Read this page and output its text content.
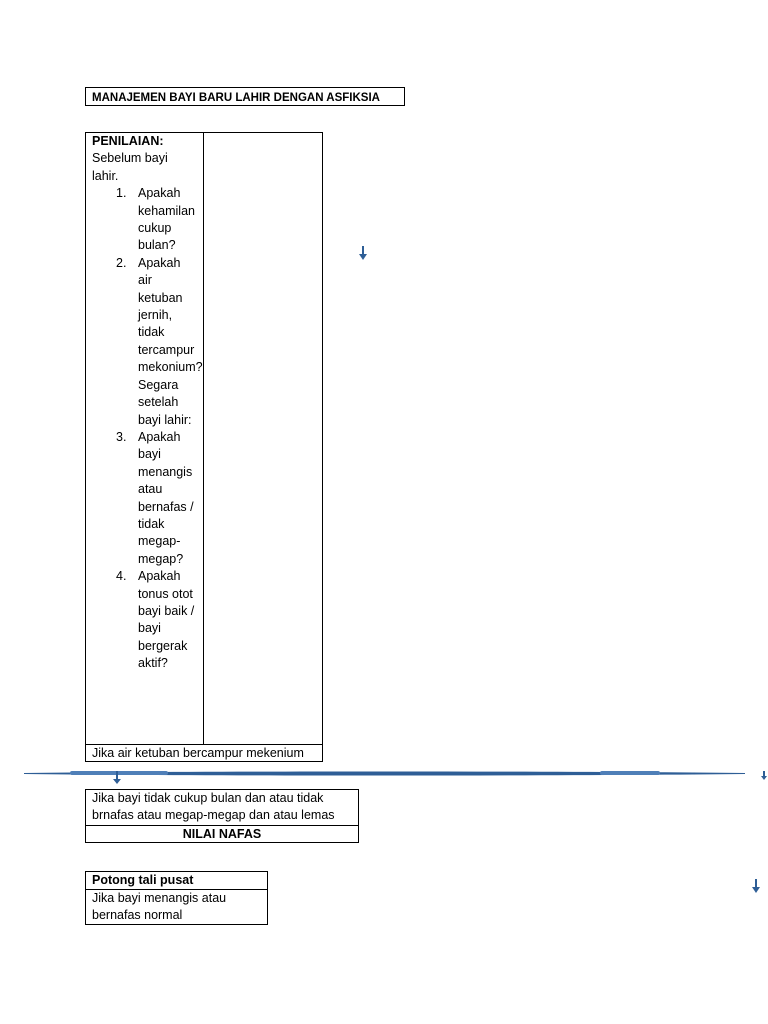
MANAJEMEN BAYI BARU LAHIR DENGAN ASFIKSIA
PENILAIAN:
Sebelum bayi lahir.
1. Apakah kehamilan cukup bulan?
2. Apakah air ketuban jernih, tidak tercampur mekonium?
Segara setelah bayi lahir:
3. Apakah bayi menangis atau bernafas / tidak megap-megap?
4. Apakah tonus otot bayi baik / bayi bergerak aktif?
Jika air ketuban bercampur mekenium
Jika bayi tidak cukup bulan dan atau tidak brnafas atau megap-megap dan atau lemas
NILAI NAFAS
Potong tali pusat
Jika bayi menangis atau bernafas normal
